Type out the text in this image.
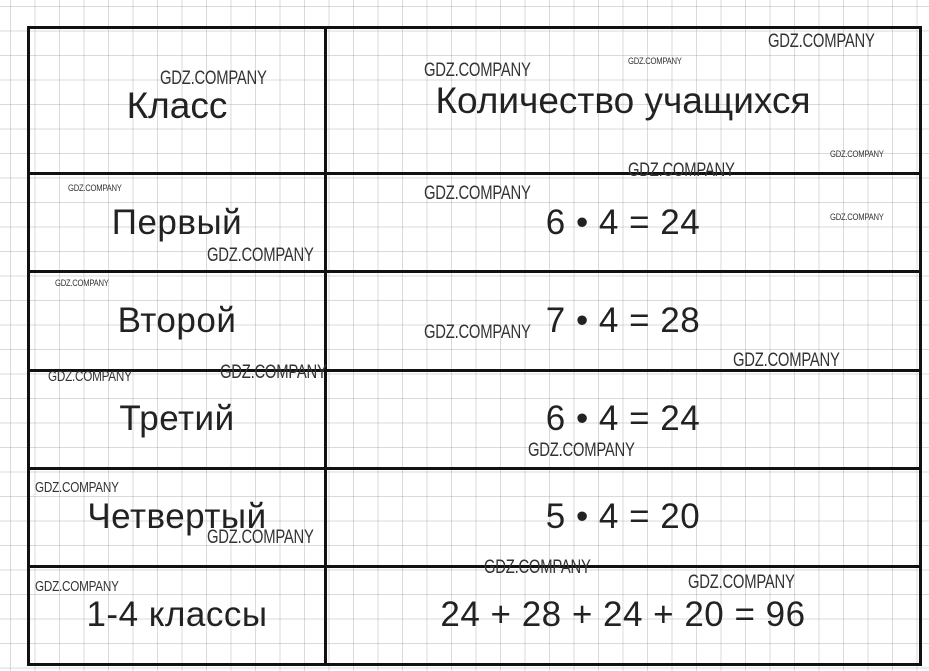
Класс	Количество учащихся
Первый	6 • 4 = 24
Второй	7 • 4 = 28
Третий	6 • 4 = 24
Четвертый	5 • 4 = 20
1-4 классы	24 + 28 + 24 + 20 = 96
GDZ.COMPANY
GDZ.COMPANY
GDZ.COMPANY	GDZ.COMPANY
GDZ.COMPANY
GDZ.COMPANY
GDZ.COMPANY	GDZ.COMPANY
GDZ.COMPANY
GDZ.COMPANY
GDZ.COMPANY
GDZ.COMPANY
GDZ.COMPANY
GDZ.COMPANY
GDZ.COMPANY
GDZ.COMPANY
GDZ.COMPANY
GDZ.COMPANY
GDZ.COMPANY
GDZ.COMPANY
GDZ.COMPANY
